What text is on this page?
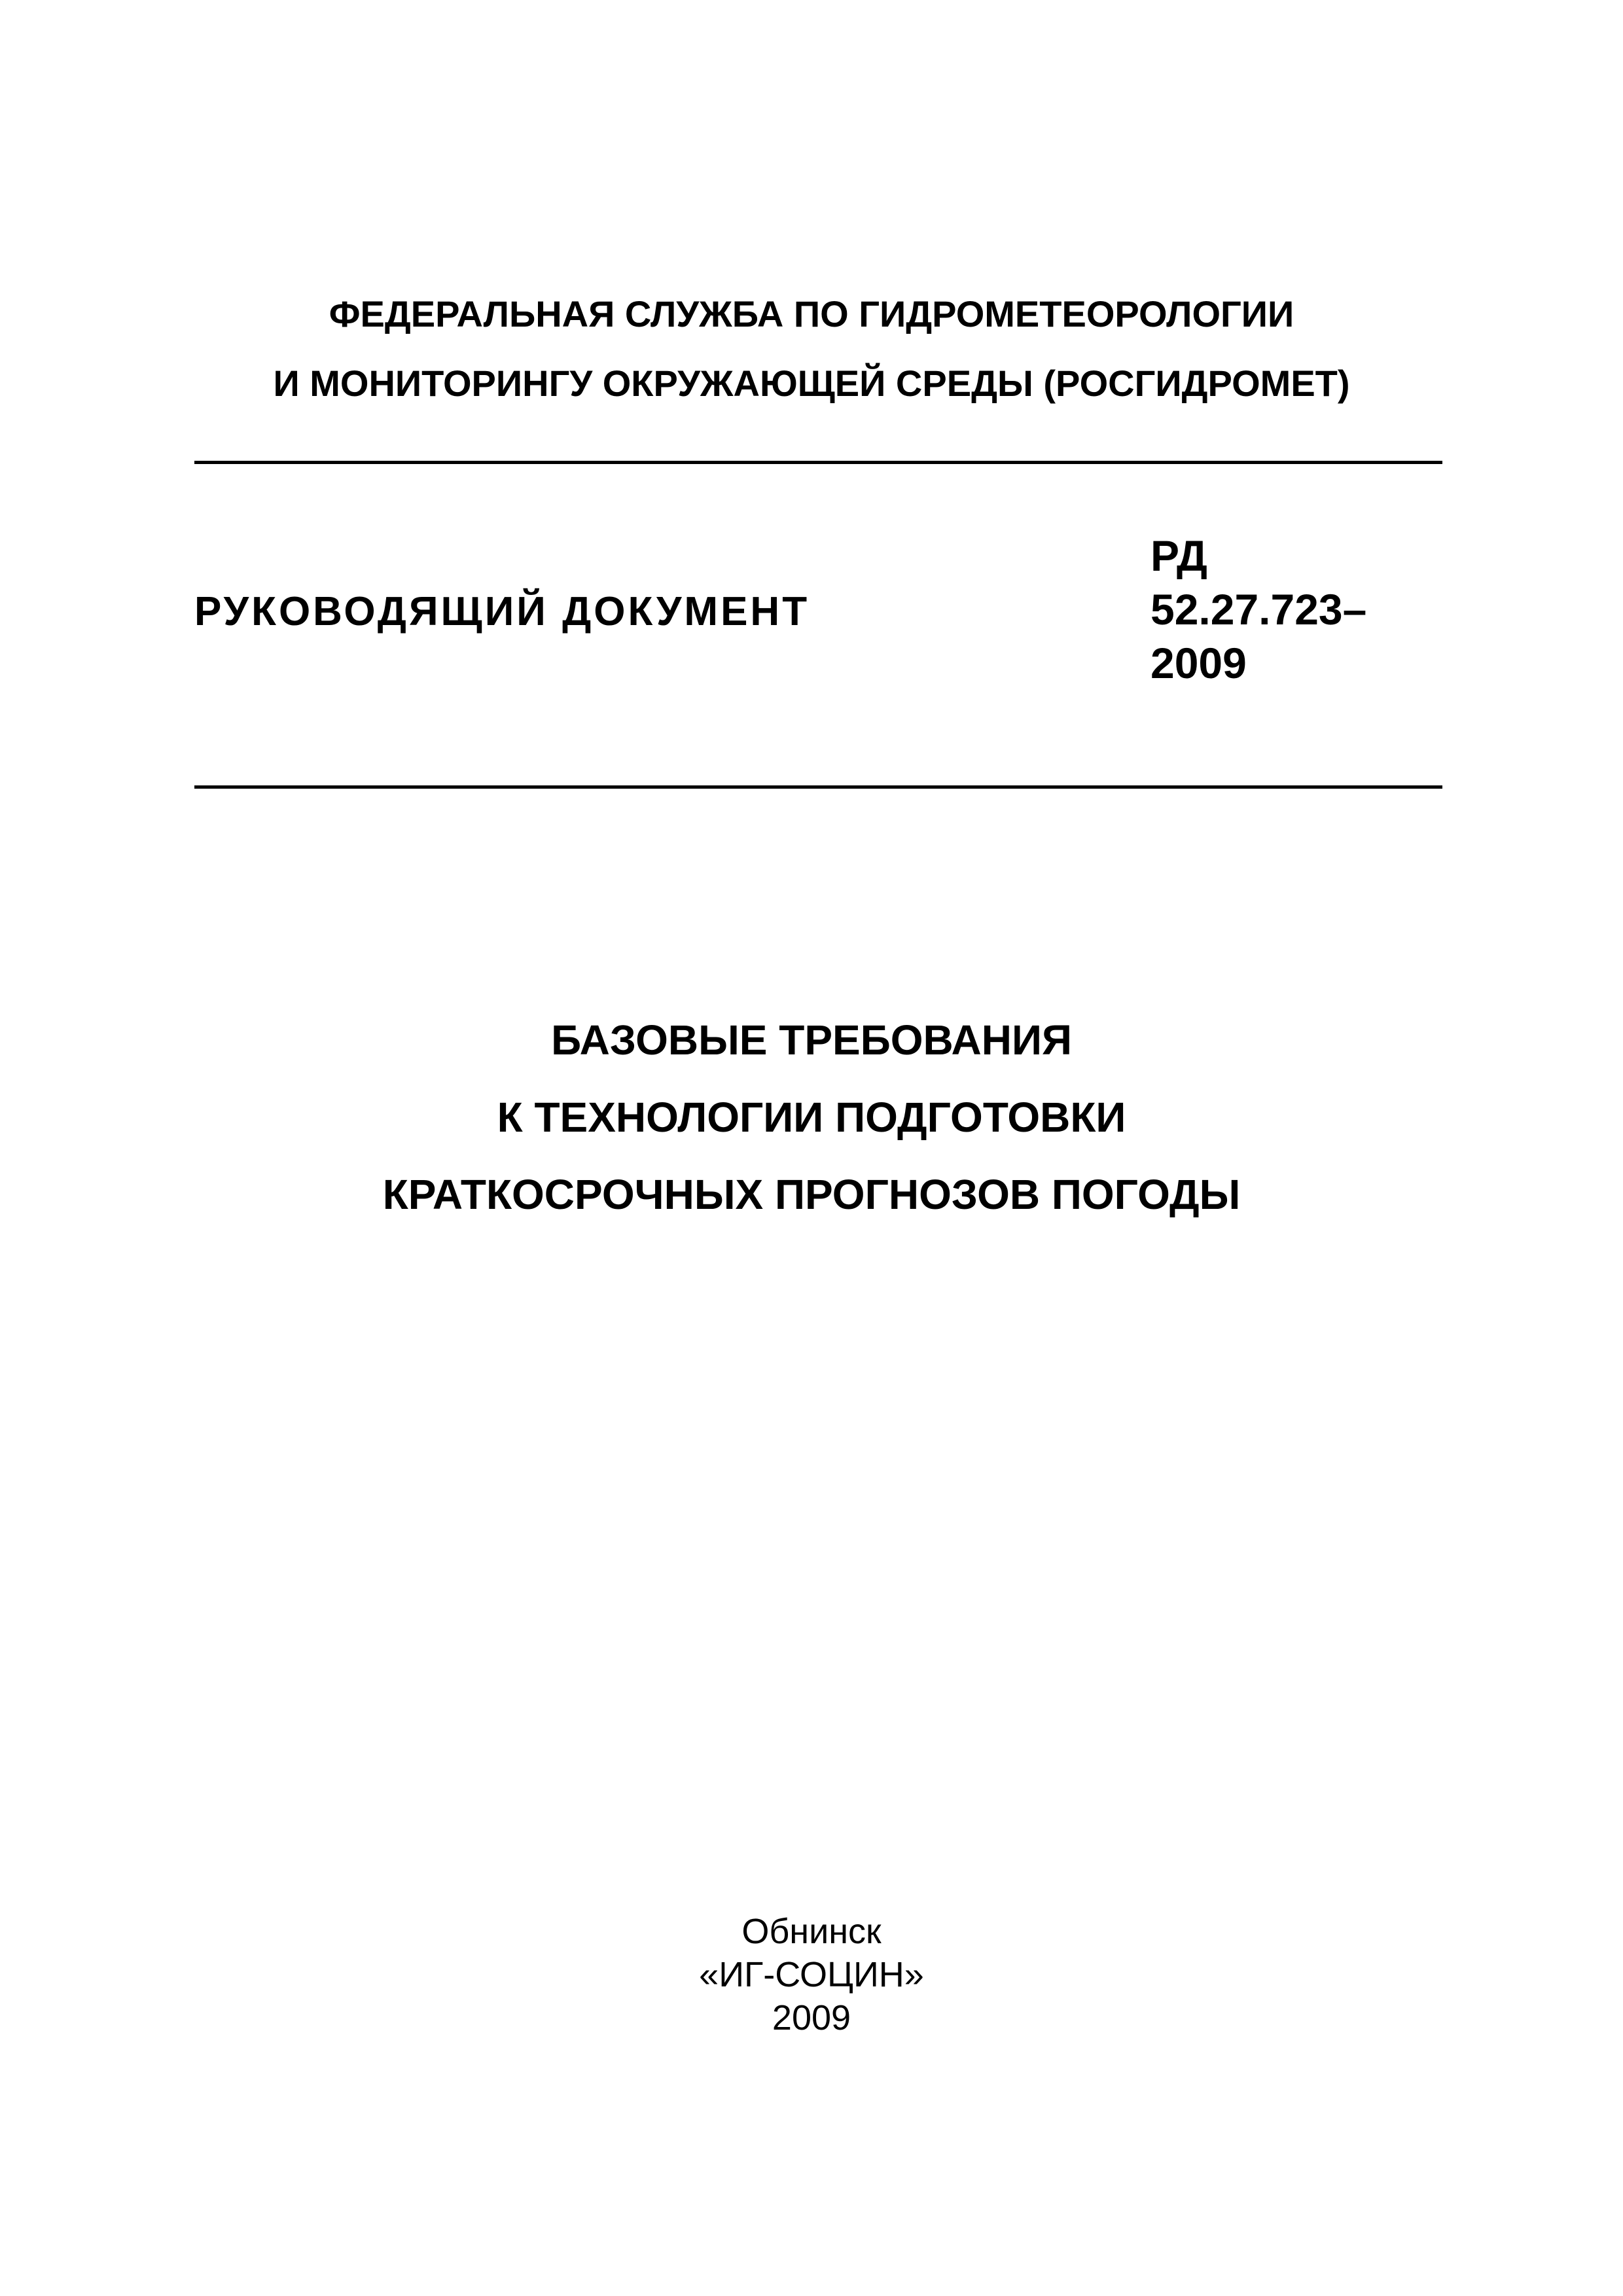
ФЕДЕРАЛЬНАЯ СЛУЖБА ПО ГИДРОМЕТЕОРОЛОГИИ
И МОНИТОРИНГУ ОКРУЖАЮЩЕЙ СРЕДЫ (РОСГИДРОМЕТ)
РУКОВОДЯЩИЙ ДОКУМЕНТ
РД
52.27.723–
2009
БАЗОВЫЕ ТРЕБОВАНИЯ
К ТЕХНОЛОГИИ ПОДГОТОВКИ
КРАТКОСРОЧНЫХ ПРОГНОЗОВ ПОГОДЫ
Обнинск
«ИГ-СОЦИН»
2009
